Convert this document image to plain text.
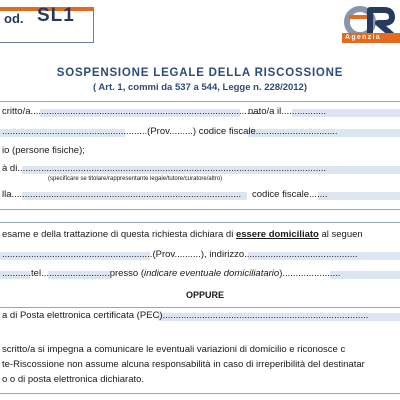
od. SL1
Agenzia
SOSPENSIONE LEGALE DELLA RISCOSSIONE
( Art. 1, commi da 537 a 544, Legge n. 228/2012)
critto/a.......................................................................................
nato/a il.................
.......................................................(Prov.........) codice fiscale...............................
io (persone fisiche);
à di.....................................................................................................................
(specificare se titolare/rappresentante legale/tutore/curatore/altro)
lla....................................................................................... codice fiscale.......
esame e della trattazione di questa richiesta dichiara di essere domiciliato al seguen
.........................................................(Prov..........), indirizzo...........................................
...........tel..........................presso (indicare eventuale domiciliatario)......................
OPPURE
a di Posta elettronica certificata (PEC)..............................................................................
scritto/a si impegna a comunicare le eventuali variazioni di domicilio e riconosce c
te-Riscossione non assume alcuna responsabilità in caso di irreperibilità del destinatar
o o di posta elettronica dichiarato.
